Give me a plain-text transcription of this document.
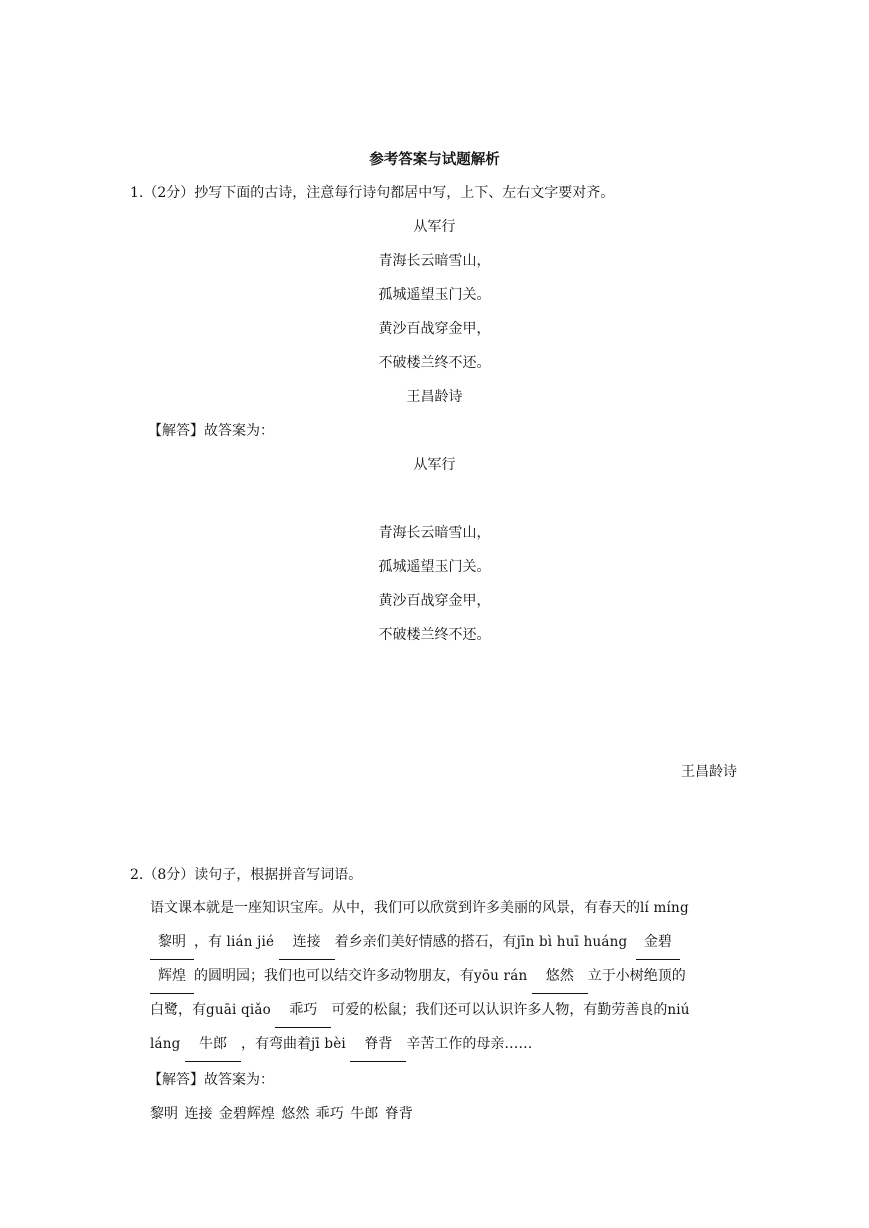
参考答案与试题解析
1.（2分）抄写下面的古诗，注意每行诗句都居中写，上下、左右文字要对齐。
从军行
青海长云暗雪山，
孤城遥望玉门关。
黄沙百战穿金甲，
不破楼兰终不还。
王昌龄诗
【解答】故答案为：
从军行
青海长云暗雪山，
孤城遥望玉门关。
黄沙百战穿金甲，
不破楼兰终不还。
王昌龄诗
2.（8分）读句子，根据拼音写词语。
语文课本就是一座知识宝库。从中，我们可以欣赏到许多美丽的风景，有春天的lí míng
黎明 ，有 lián jié 连接 着乡亲们美好情感的搭石，有jīn bì huī huáng 金碧
辉煌 的圆明园；我们也可以结交许多动物朋友，有yōu rán 悠然 立于小树绝顶的
白鹭，有guāi qiǎo 乖巧 可爱的松鼠；我们还可以认识许多人物，有勤劳善良的niú
láng 牛郎 ，有弯曲着jī bèi 脊背 辛苦工作的母亲……
【解答】故答案为：
黎明 连接 金碧辉煌 悠然 乖巧 牛郎 脊背
